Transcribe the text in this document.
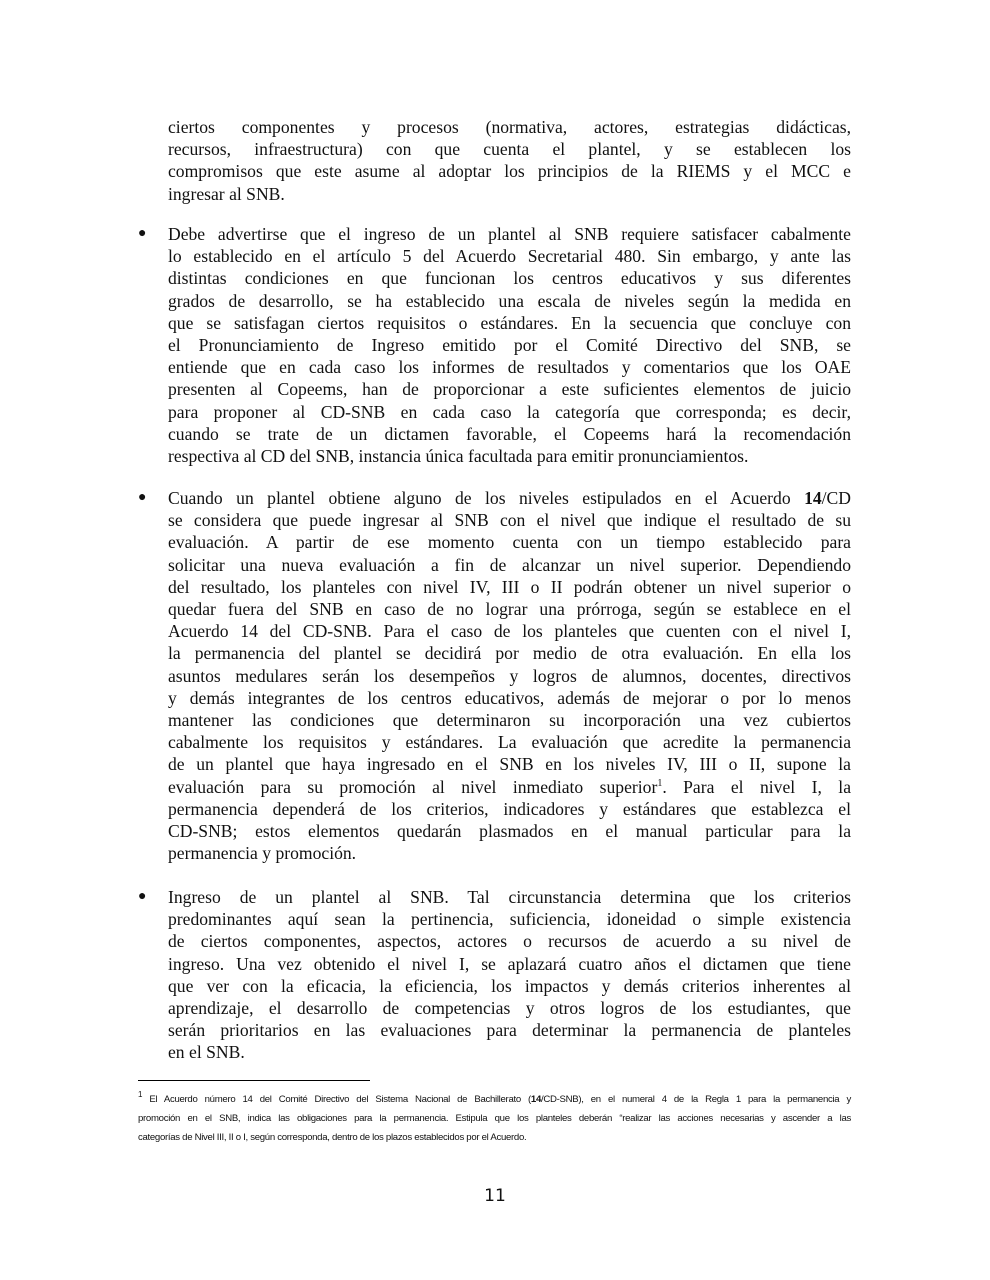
ciertos componentes y procesos (normativa, actores, estrategias didácticas,
recursos, infraestructura) con que cuenta el plantel, y se establecen los
compromisos que este asume al adoptar los principios de la RIEMS y el MCC e
ingresar al SNB.
● Debe advertirse que el ingreso de un plantel al SNB requiere satisfacer cabalmente
lo establecido en el artículo 5 del Acuerdo Secretarial 480. Sin embargo, y ante las
distintas condiciones en que funcionan los centros educativos y sus diferentes
grados de desarrollo, se ha establecido una escala de niveles según la medida en
que se satisfagan ciertos requisitos o estándares. En la secuencia que concluye con
el Pronunciamiento de Ingreso emitido por el Comité Directivo del SNB, se
entiende que en cada caso los informes de resultados y comentarios que los OAE
presenten al Copeems, han de proporcionar a este suficientes elementos de juicio
para proponer al CD-SNB en cada caso la categoría que corresponda; es decir,
cuando se trate de un dictamen favorable, el Copeems hará la recomendación
respectiva al CD del SNB, instancia única facultada para emitir pronunciamientos.
● Cuando un plantel obtiene alguno de los niveles estipulados en el Acuerdo 14/CD
se considera que puede ingresar al SNB con el nivel que indique el resultado de su
evaluación. A partir de ese momento cuenta con un tiempo establecido para
solicitar una nueva evaluación a fin de alcanzar un nivel superior. Dependiendo
del resultado, los planteles con nivel IV, III o II podrán obtener un nivel superior o
quedar fuera del SNB en caso de no lograr una prórroga, según se establece en el
Acuerdo 14 del CD-SNB. Para el caso de los planteles que cuenten con el nivel I,
la permanencia del plantel se decidirá por medio de otra evaluación. En ella los
asuntos medulares serán los desempeños y logros de alumnos, docentes, directivos
y demás integrantes de los centros educativos, además de mejorar o por lo menos
mantener las condiciones que determinaron su incorporación una vez cubiertos
cabalmente los requisitos y estándares. La evaluación que acredite la permanencia
de un plantel que haya ingresado en el SNB en los niveles IV, III o II, supone la
evaluación para su promoción al nivel inmediato superior$^1$. Para el nivel I, la
permanencia dependerá de los criterios, indicadores y estándares que establezca el
CD-SNB; estos elementos quedarán plasmados en el manual particular para la
permanencia y promoción.
● Ingreso de un plantel al SNB. Tal circunstancia determina que los criterios
predominantes aquí sean la pertinencia, suficiencia, idoneidad o simple existencia
de ciertos componentes, aspectos, actores o recursos de acuerdo a su nivel de
ingreso. Una vez obtenido el nivel I, se aplazará cuatro años el dictamen que tiene
que ver con la eficacia, la eficiencia, los impactos y demás criterios inherentes al
aprendizaje, el desarrollo de competencias y otros logros de los estudiantes, que
serán prioritarios en las evaluaciones para determinar la permanencia de planteles
en el SNB.
$^1$ El Acuerdo número 14 del Comité Directivo del Sistema Nacional de Bachillerato (14/CD-SNB), en el numeral 4 de la Regla 1 para la permanencia y
promoción en el SNB, indica las obligaciones para la permanencia. Estipula que los planteles deberán “realizar las acciones necesarias y ascender a las
categorías de Nivel III, II o I, según corresponda, dentro de los plazos establecidos por el Acuerdo.
11
